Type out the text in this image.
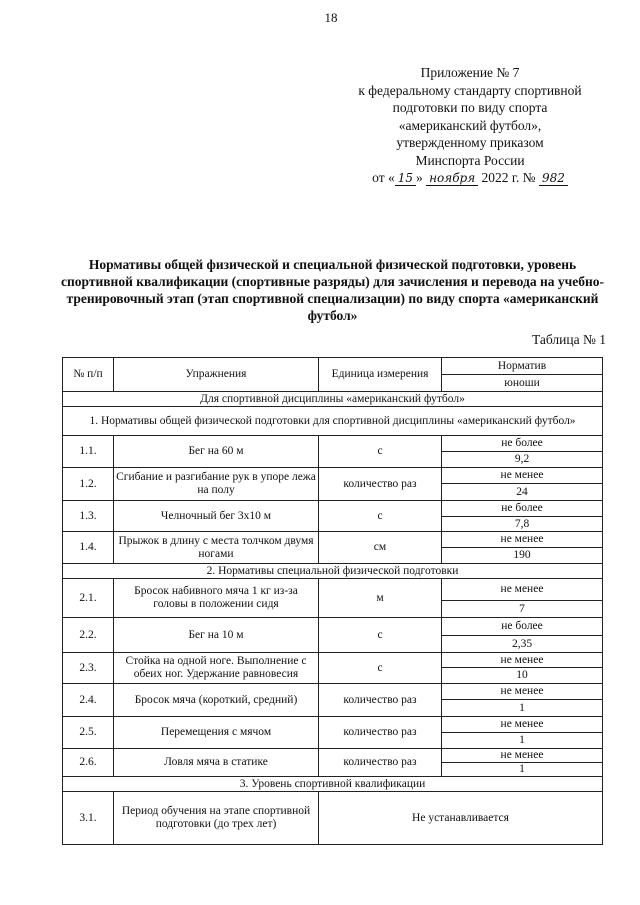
18
Приложение № 7
к федеральному стандарту спортивной
подготовки по виду спорта
«американский футбол»,
утвержденному приказом
Минспорта России
от « 15 » ноября 2022 г. № 982
Нормативы общей физической и специальной физической подготовки, уровень спортивной квалификации (спортивные разряды) для зачисления и перевода на учебно-тренировочный этап (этап спортивной специализации) по виду спорта «американский футбол»
Таблица № 1
№ п/п	Упражнения	Единица измерения	Норматив
			юноши
Для спортивной дисциплины «американский футбол»			
1. Нормативы общей физической подготовки для спортивной дисциплины «американский футбол»			
1.1.	Бег на 60 м	с	не более
			9,2
1.2.	Сгибание и разгибание рук в упоре лежа на полу	количество раз	не менее
			24
1.3.	Челночный бег 3x10 м	с	не более
			7,8
1.4.	Прыжок в длину с места толчком двумя ногами	см	не менее
			190
2. Нормативы специальной физической подготовки			
2.1.	Бросок набивного мяча 1 кг из-за головы в положении сидя	м	не менее
			7
2.2.	Бег на 10 м	с	не более
			2,35
2.3.	Стойка на одной ноге. Выполнение с обеих ног. Удержание равновесия	с	не менее
			10
2.4.	Бросок мяча (короткий, средний)	количество раз	не менее
			1
2.5.	Перемещения с мячом	количество раз	не менее
			1
2.6.	Ловля мяча в статике	количество раз	не менее
			1
3. Уровень спортивной квалификации			
3.1.	Период обучения на этапе спортивной подготовки (до трех лет)	Не устанавливается	
